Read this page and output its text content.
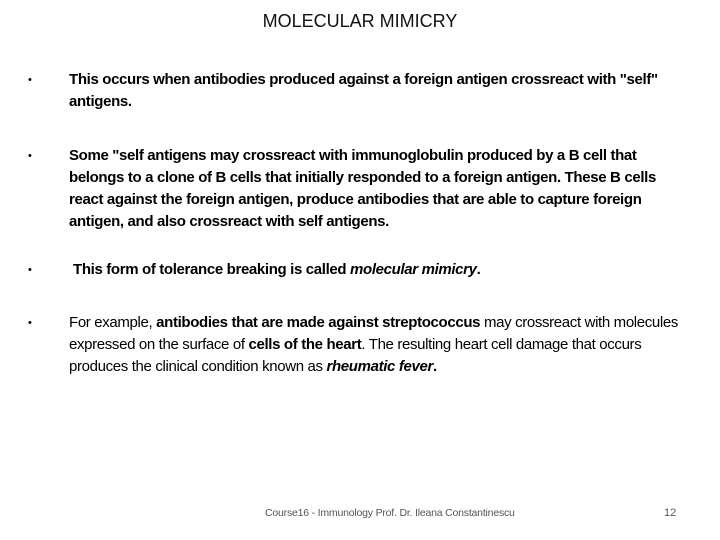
MOLECULAR MIMICRY
• This occurs when antibodies produced against a foreign antigen crossreact with "self" antigens.
• Some "self antigens may crossreact with immunoglobulin produced by a B cell that belongs to a clone of B cells that initially responded to a foreign antigen. These B cells react against the foreign antigen, produce antibodies that are able to capture foreign antigen, and also crossreact with self antigens.
•	This form of tolerance breaking is called molecular mimicry.
• For example, antibodies that are made against streptococcus may crossreact with molecules expressed on the surface of cells of the heart. The resulting heart cell damage that occurs produces the clinical condition known as rheumatic fever.
Course16 - Immunology Prof. Dr. Ileana Constantinescu	12
